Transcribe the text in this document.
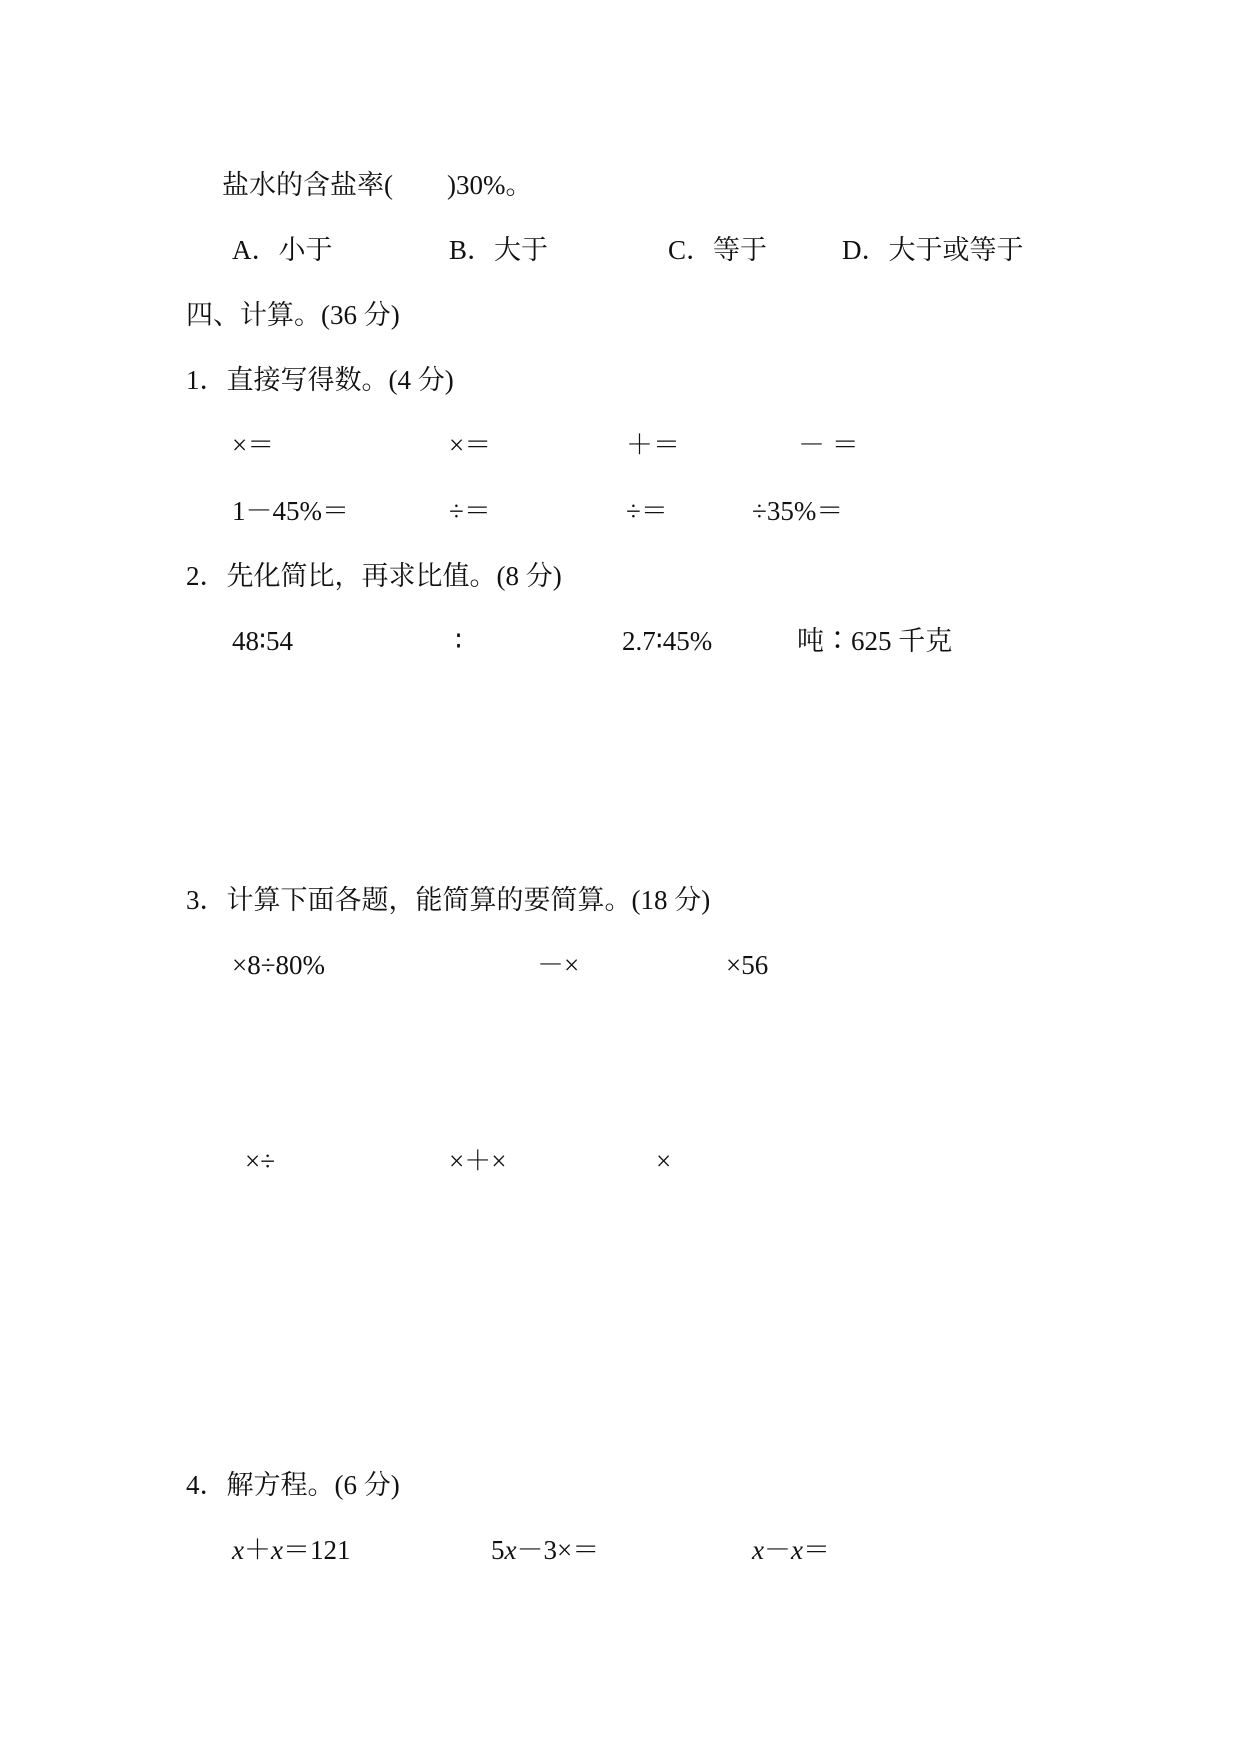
盐水的含盐率(　　)30%。
A．小于	B．大于	C．等于	D．大于或等于
四、计算。(36 分)
1．直接写得数。(4 分)
×＝	×＝	＋＝	－ ＝
1－45%＝	÷＝	÷＝	÷35%＝
2．先化简比，再求比值。(8 分)
48∶54	∶	2.7∶45%	吨∶625 千克
3．计算下面各题，能简算的要简算。(18 分)
×8÷80%	－×	×56
×÷	×＋×	×
4．解方程。(6 分)
x＋x＝121	5x－3×＝	x－x＝
